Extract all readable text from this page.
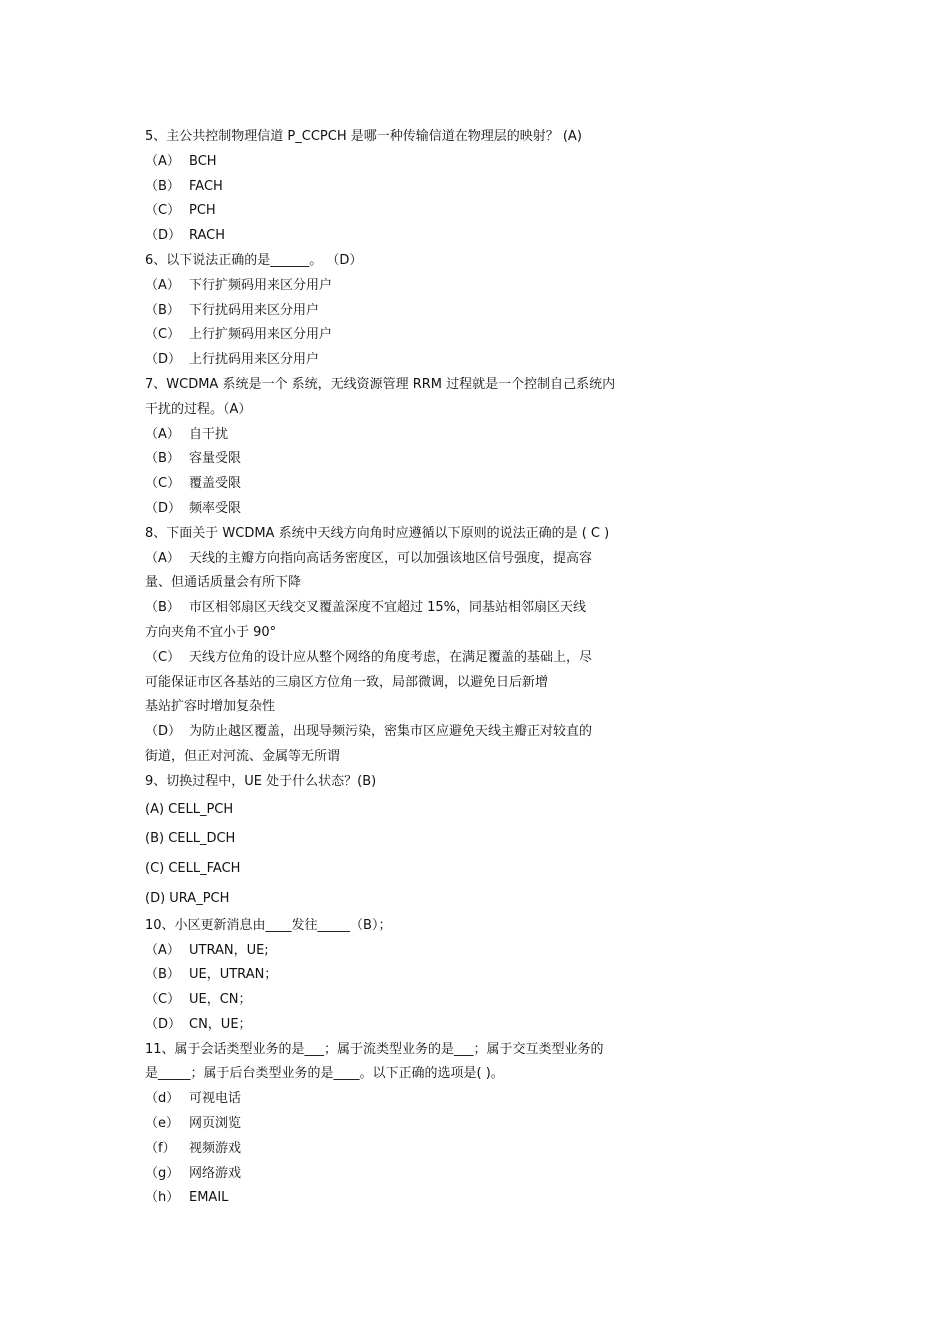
5、主公共控制物理信道 P_CCPCH 是哪一种传输信道在物理层的映射？ (A)
（A） BCH
（B） FACH
（C） PCH
（D） RACH
6、以下说法正确的是______。 （D）
（A） 下行扩频码用来区分用户
（B） 下行扰码用来区分用户
（C） 上行扩频码用来区分用户
（D） 上行扰码用来区分用户
7、WCDMA 系统是一个 系统，无线资源管理 RRM 过程就是一个控制自己系统内
干扰的过程。（A）
（A） 自干扰
（B） 容量受限
（C） 覆盖受限
（D） 频率受限
8、下面关于 WCDMA 系统中天线方向角时应遵循以下原则的说法正确的是 ( C )
（A） 天线的主瓣方向指向高话务密度区，可以加强该地区信号强度，提高容
量、但通话质量会有所下降
（B） 市区相邻扇区天线交叉覆盖深度不宜超过 15%，同基站相邻扇区天线
方向夹角不宜小于 90°
（C） 天线方位角的设计应从整个网络的角度考虑，在满足覆盖的基础上，尽
可能保证市区各基站的三扇区方位角一致，局部微调，以避免日后新增
基站扩容时增加复杂性
（D） 为防止越区覆盖，出现导频污染，密集市区应避免天线主瓣正对较直的
街道，但正对河流、金属等无所谓
9、切换过程中，UE 处于什么状态？(B)
(A) CELL_PCH
(B) CELL_DCH
(C) CELL_FACH
(D) URA_PCH
10、小区更新消息由____发往_____（B）；
（A） UTRAN，UE;
（B） UE，UTRAN；
（C） UE，CN；
（D） CN，UE；
11、属于会话类型业务的是___；属于流类型业务的是___；属于交互类型业务的
是_____；属于后台类型业务的是____。以下正确的选项是( )。
（d） 可视电话
（e） 网页浏览
（f） 视频游戏
（g） 网络游戏
（h） EMAIL
